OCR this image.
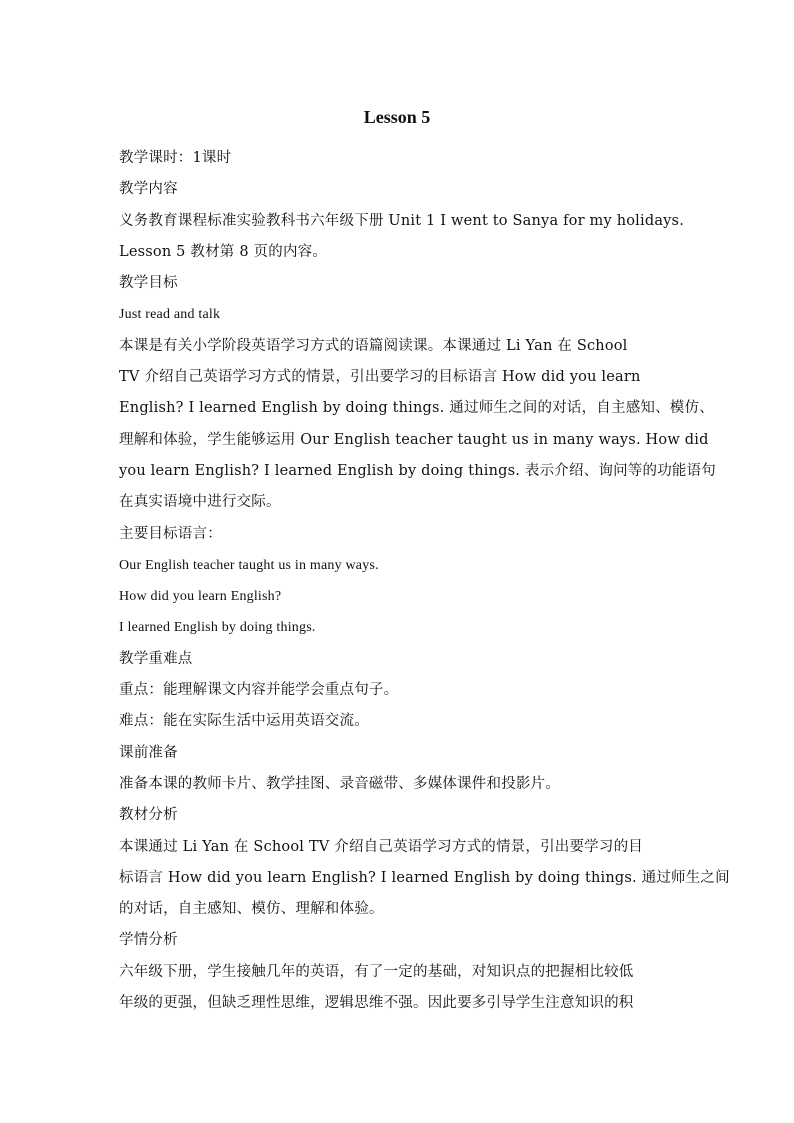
Lesson 5
教学课时：1课时
教学内容
义务教育课程标准实验教科书六年级下册 Unit 1 I went to Sanya for my holidays.
Lesson 5 教材第 8 页的内容。
教学目标
Just read and talk
本课是有关小学阶段英语学习方式的语篇阅读课。本课通过 Li Yan 在 School
TV 介绍自己英语学习方式的情景，引出要学习的目标语言 How did you learn
English? I learned English by doing things. 通过师生之间的对话，自主感知、模仿、
理解和体验，学生能够运用 Our English teacher taught us in many ways. How did
you learn English? I learned English by doing things. 表示介绍、询问等的功能语句
在真实语境中进行交际。
主要目标语言：
Our English teacher taught us in many ways.
How did you learn English?
I learned English by doing things.
教学重难点
重点：能理解课文内容并能学会重点句子。
难点：能在实际生活中运用英语交流。
课前准备
准备本课的教师卡片、教学挂图、录音磁带、多媒体课件和投影片。
教材分析
本课通过 Li Yan 在 School TV 介绍自己英语学习方式的情景，引出要学习的目
标语言 How did you learn English? I learned English by doing things. 通过师生之间
的对话，自主感知、模仿、理解和体验。
学情分析
六年级下册，学生接触几年的英语，有了一定的基础，对知识点的把握相比较低
年级的更强，但缺乏理性思维，逻辑思维不强。因此要多引导学生注意知识的积
